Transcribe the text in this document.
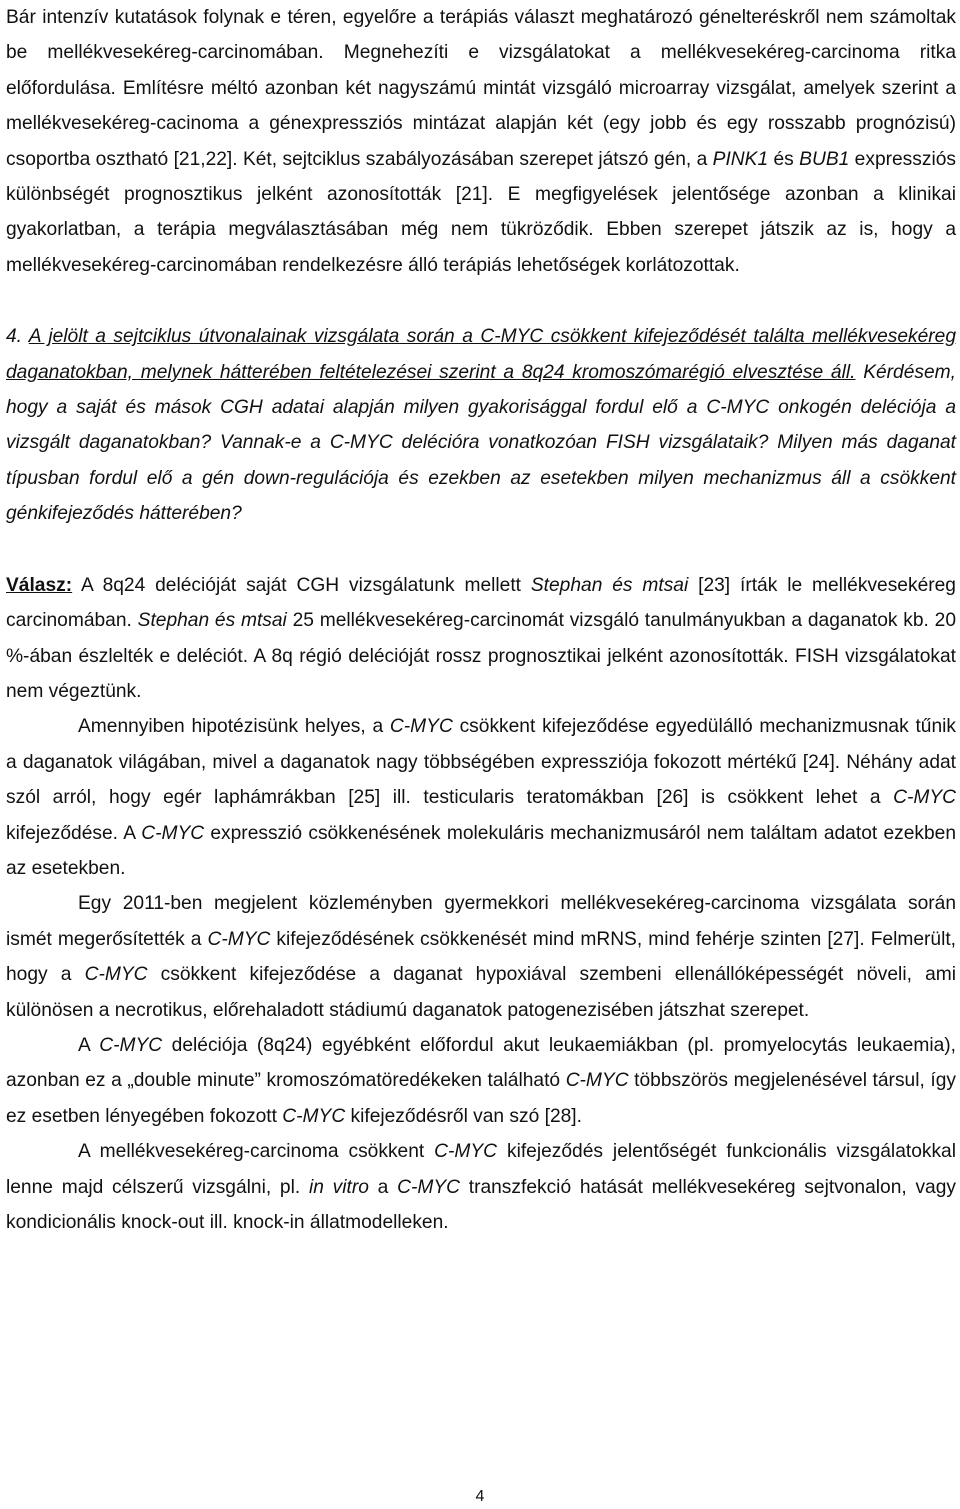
Bár intenzív kutatások folynak e téren, egyelőre a terápiás választ meghatározó génelteréskről nem számoltak be mellékvesekéreg-carcinomában. Megnehezíti e vizsgálatokat a mellékvesekéreg-carcinoma ritka előfordulása. Említésre méltó azonban két nagyszámú mintát vizsgáló microarray vizsgálat, amelyek szerint a mellékvesekéreg-cacinoma a génexpressziós mintázat alapján két (egy jobb és egy rosszabb prognózisú) csoportba osztható [21,22]. Két, sejtciklus szabályozásában szerepet játszó gén, a PINK1 és BUB1 expressziós különbségét prognosztikus jelként azonosították [21]. E megfigyelések jelentősége azonban a klinikai gyakorlatban, a terápia megválasztásában még nem tükröződik. Ebben szerepet játszik az is, hogy a mellékvesekéreg-carcinomában rendelkezésre álló terápiás lehetőségek korlátozottak.

4. A jelölt a sejtciklus útvonalainak vizsgálata során a C-MYC csökkent kifejeződését találta mellékvesekéreg daganatokban, melynek hátterében feltételezései szerint a 8q24 kromoszómarégió elvesztése áll. Kérdésem, hogy a saját és mások CGH adatai alapján milyen gyakorisággal fordul elő a C-MYC onkogén deléciója a vizsgált daganatokban? Vannak-e a C-MYC delécióra vonatkozóan FISH vizsgálataik? Milyen más daganat típusban fordul elő a gén down-regulációja és ezekben az esetekben milyen mechanizmus áll a csökkent génkifejeződés hátterében?

Válasz: A 8q24 delécióját saját CGH vizsgálatunk mellett Stephan és mtsai [23] írták le mellékvesekéreg carcinomában. Stephan és mtsai 25 mellékvesekéreg-carcinomát vizsgáló tanulmányukban a daganatok kb. 20 %-ában észlelték e deléciót. A 8q régió delécióját rossz prognosztikai jelként azonosították. FISH vizsgálatokat nem végeztünk.

Amennyiben hipotézisünk helyes, a C-MYC csökkent kifejeződése egyedülálló mechanizmusnak tűnik a daganatok világában, mivel a daganatok nagy többségében expressziója fokozott mértékű [24]. Néhány adat szól arról, hogy egér laphámrákban [25] ill. testicularis teratomákban [26] is csökkent lehet a C-MYC kifejeződése. A C-MYC expresszió csökkenésének molekuláris mechanizmusáról nem találtam adatot ezekben az esetekben.

Egy 2011-ben megjelent közleményben gyermekkori mellékvesekéreg-carcinoma vizsgálata során ismét megerősítették a C-MYC kifejeződésének csökkenését mind mRNS, mind fehérje szinten [27]. Felmerült, hogy a C-MYC csökkent kifejeződése a daganat hypoxiával szembeni ellenállóképességét növeli, ami különösen a necrotikus, előrehaladott stádiumú daganatok patogenezisében játszhat szerepet.

A C-MYC deléciója (8q24) egyébként előfordul akut leukaemiákban (pl. promyelocytás leukaemia), azonban ez a „double minute” kromoszómatöredékeken található C-MYC többszörös megjelenésével társul, így ez esetben lényegében fokozott C-MYC kifejeződésről van szó [28].

A mellékvesekéreg-carcinoma csökkent C-MYC kifejeződés jelentőségét funkcionális vizsgálatokkal lenne majd célszerű vizsgálni, pl. in vitro a C-MYC transzfekció hatását mellékvesekéreg sejtvonalon, vagy kondicionális knock-out ill. knock-in állatmodelleken.

4
